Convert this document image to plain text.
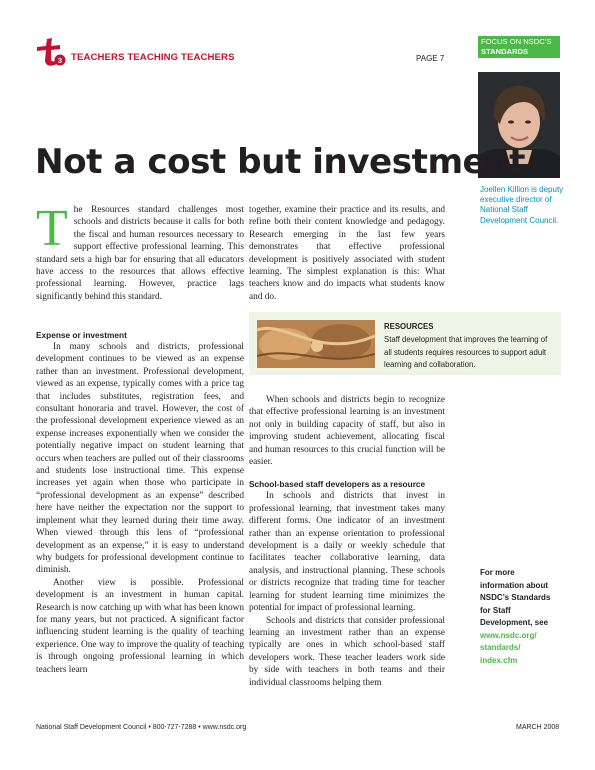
3 TEACHERS TEACHING TEACHERS	PAGE 7
FOCUS ON NSDC’S
STANDARDS
Joellen Killion is deputy executive director of National Staff Development Council.
Not a cost but investment

T he Resources standard challenges most schools and districts because it calls for both the fiscal and human resources necessary to support effective professional learning. This standard sets a high bar for ensuring that all educators have access to the resources that allows effective professional learning. However, practice lags significantly behind this standard.

Expense or investment

In many schools and districts, professional development continues to be viewed as an expense rather than an investment. Professional development, viewed as an expense, typically comes with a price tag that includes substitutes, registration fees, and consultant honoraria and travel. However, the cost of the professional development experience viewed as an expense increases exponentially when we consider the potentially negative impact on student learning that occurs when teachers are pulled out of their classrooms and students lose instructional time. This expense increases yet again when those who participate in “professional development as an expense” described here have neither the expectation nor the support to implement what they learned during their time away. When viewed through this lens of “professional development as an expense,” it is easy to understand why budgets for professional development continue to diminish.

Another view is possible. Professional development is an investment in human capital. Research is now catching up with what has been known for many years, but not practiced. A significant factor influencing student learning is the quality of teaching experience. One way to improve the quality of teaching is through ongoing professional learning in which teachers learn

together, examine their practice and its results, and refine both their content knowledge and pedagogy. Research emerging in the last few years demonstrates that effective professional development is positively associated with student learning. The simplest explanation is this: What teachers know and do impacts what students know and do.

RESOURCES
Staff development that improves the learning of all students requires resources to support adult learning and collaboration.

When schools and districts begin to recognize that effective professional learning is an investment not only in building capacity of staff, but also in improving student achievement, allocating fiscal and human resources to this crucial function will be easier.

School-based staff developers as a resource

In schools and districts that invest in professional learning, that investment takes many different forms. One indicator of an investment rather than an expense orientation to professional development is a daily or weekly schedule that facilitates teacher collaborative learning, data analysis, and instructional planning. These schools or districts recognize that trading time for teacher learning for student learning time minimizes the potential for impact of professional learning.

Schools and districts that consider professional learning an investment rather than an expense typically are ones in which school-based staff developers work. These teacher leaders work side by side with teachers in both teams and their individual classrooms helping them

For more information about NSDC’s Standards for Staff Development, see
www.nsdc.org/ standards/ index.cfm
National Staff Development Council • 800-727-7288 • www.nsdc.org	MARCH 2008
